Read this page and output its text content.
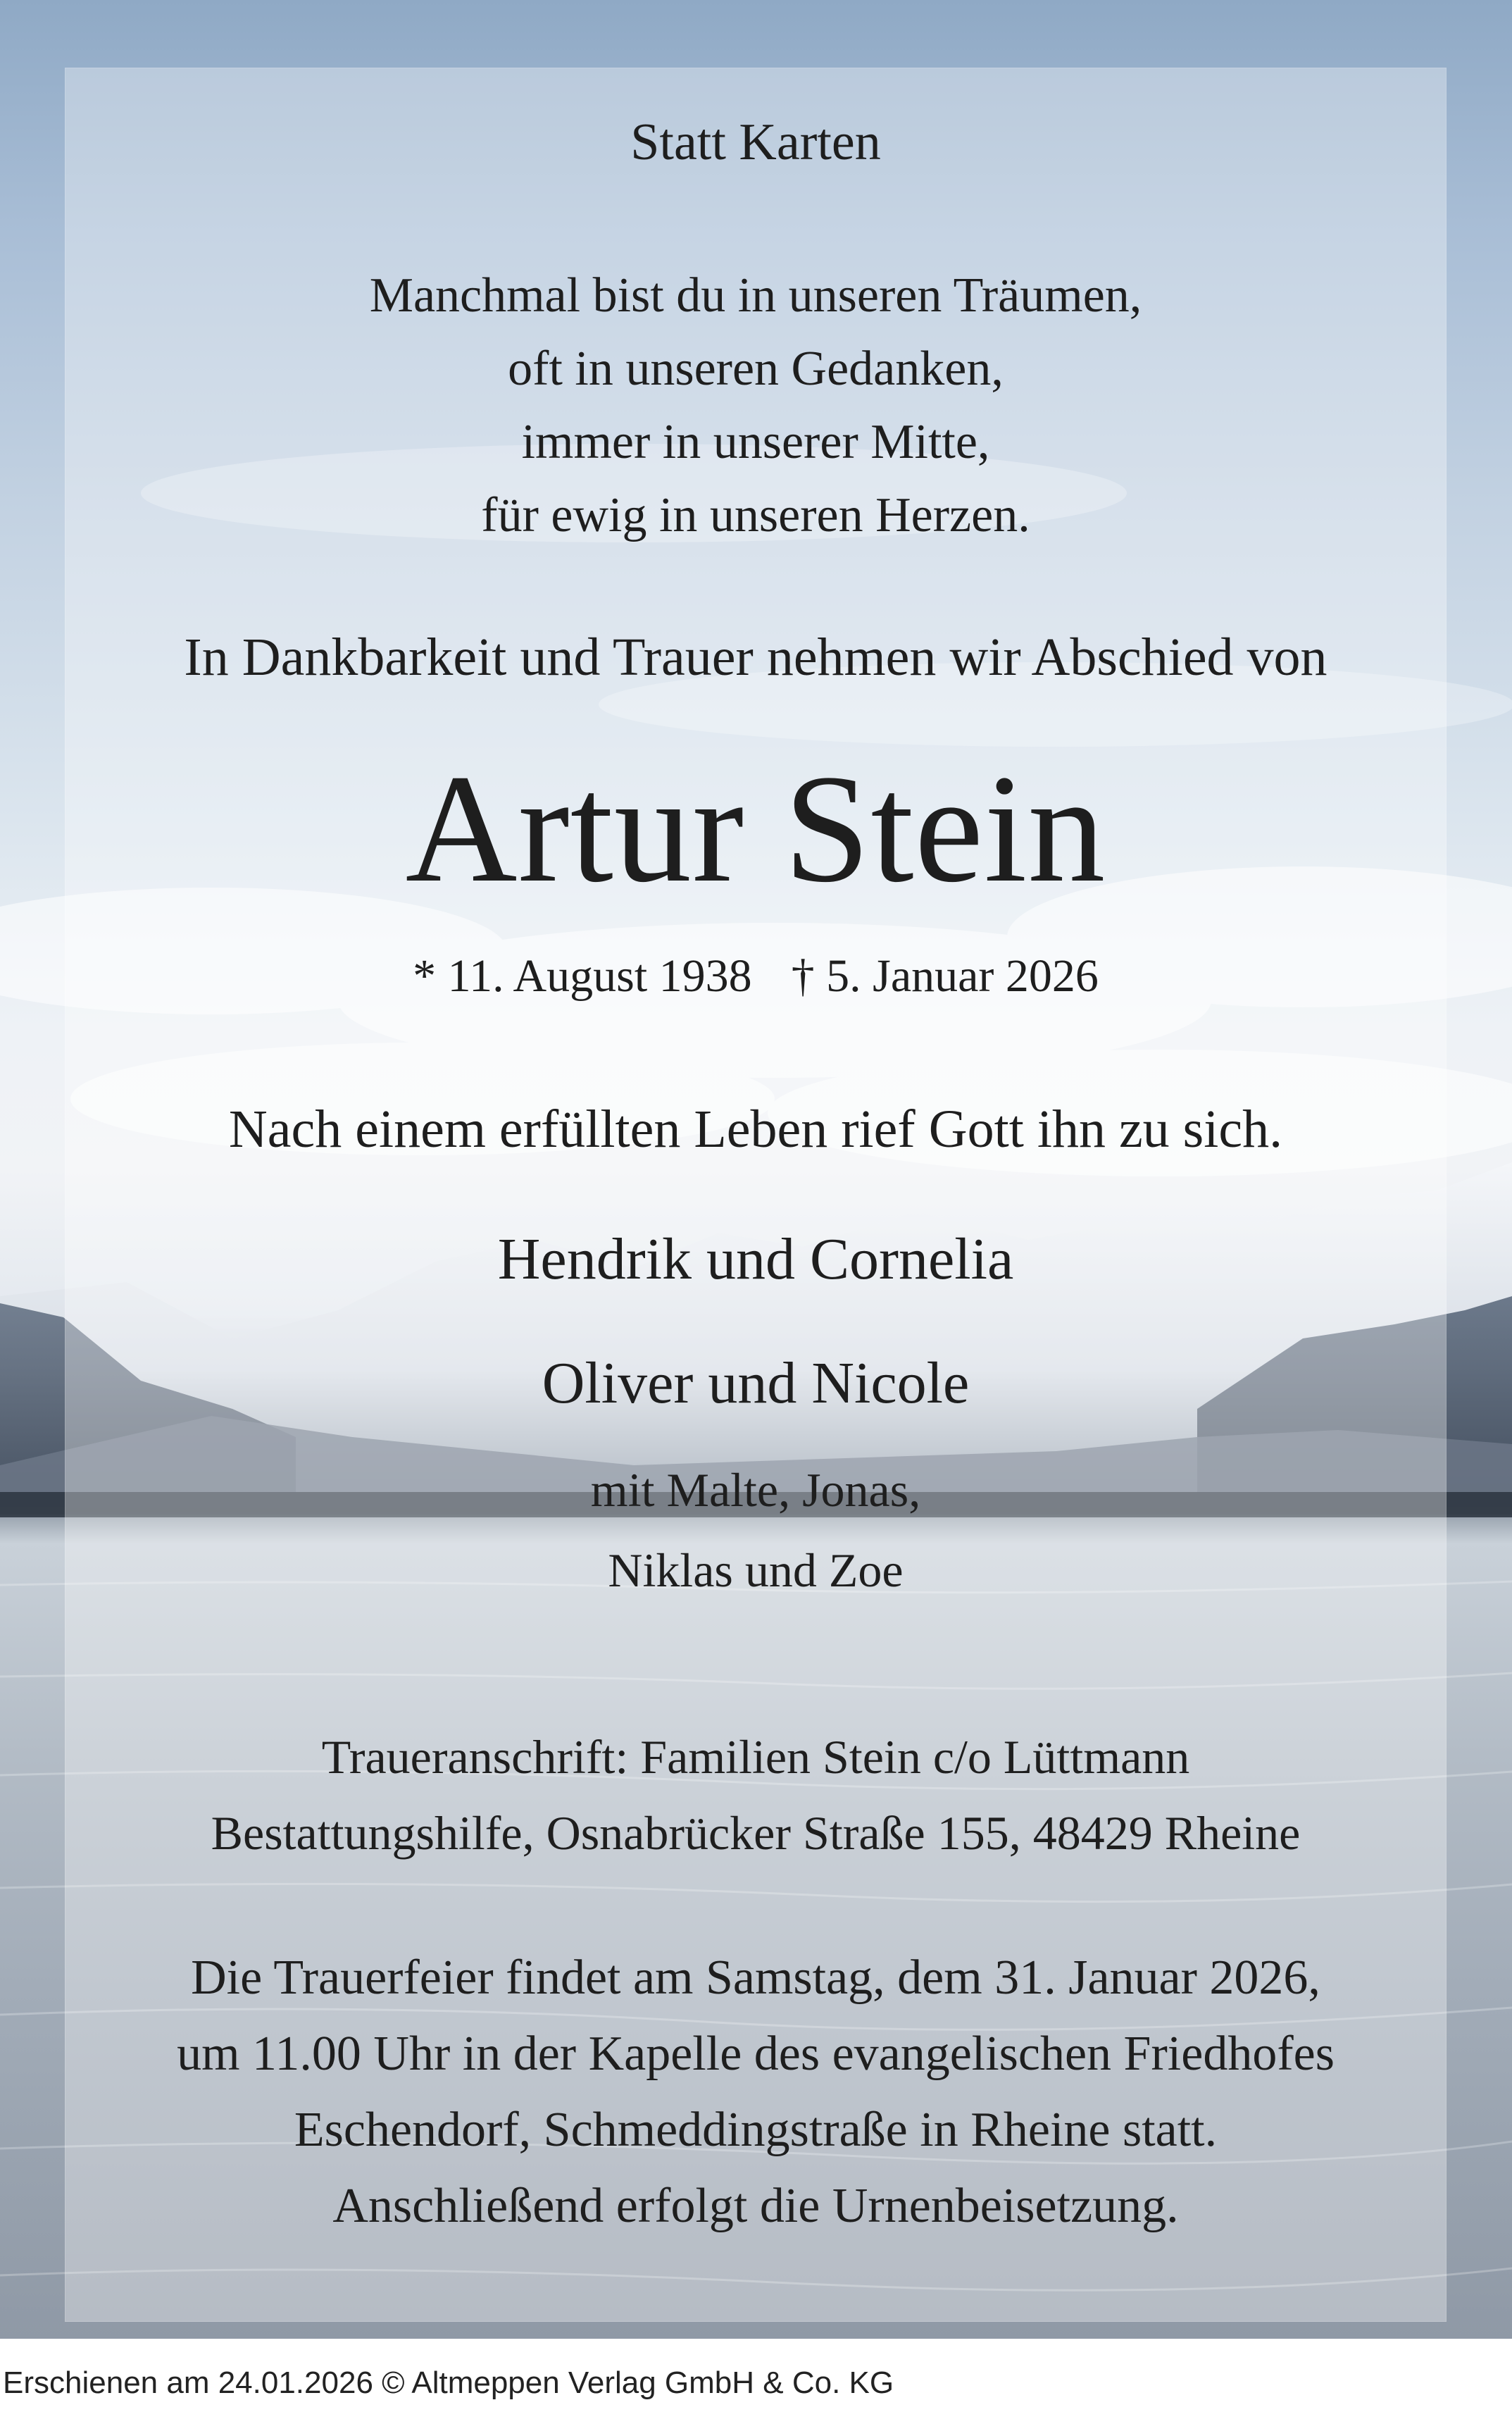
Statt Karten
Manchmal bist du in unseren Träumen,
oft in unseren Gedanken,
immer in unserer Mitte,
für ewig in unseren Herzen.
In Dankbarkeit und Trauer nehmen wir Abschied von
Artur Stein
* 11. August 1938 † 5. Januar 2026
Nach einem erfüllten Leben rief Gott ihn zu sich.
Hendrik und Cornelia
Oliver und Nicole
mit Malte, Jonas,
Niklas und Zoe
Traueranschrift: Familien Stein c/o Lüttmann
Bestattungshilfe, Osnabrücker Straße 155, 48429 Rheine
Die Trauerfeier findet am Samstag, dem 31. Januar 2026,
um 11.00 Uhr in der Kapelle des evangelischen Friedhofes
Eschendorf, Schmeddingstraße in Rheine statt.
Anschließend erfolgt die Urnenbeisetzung.
Erschienen am 24.01.2026 © Altmeppen Verlag GmbH & Co. KG
